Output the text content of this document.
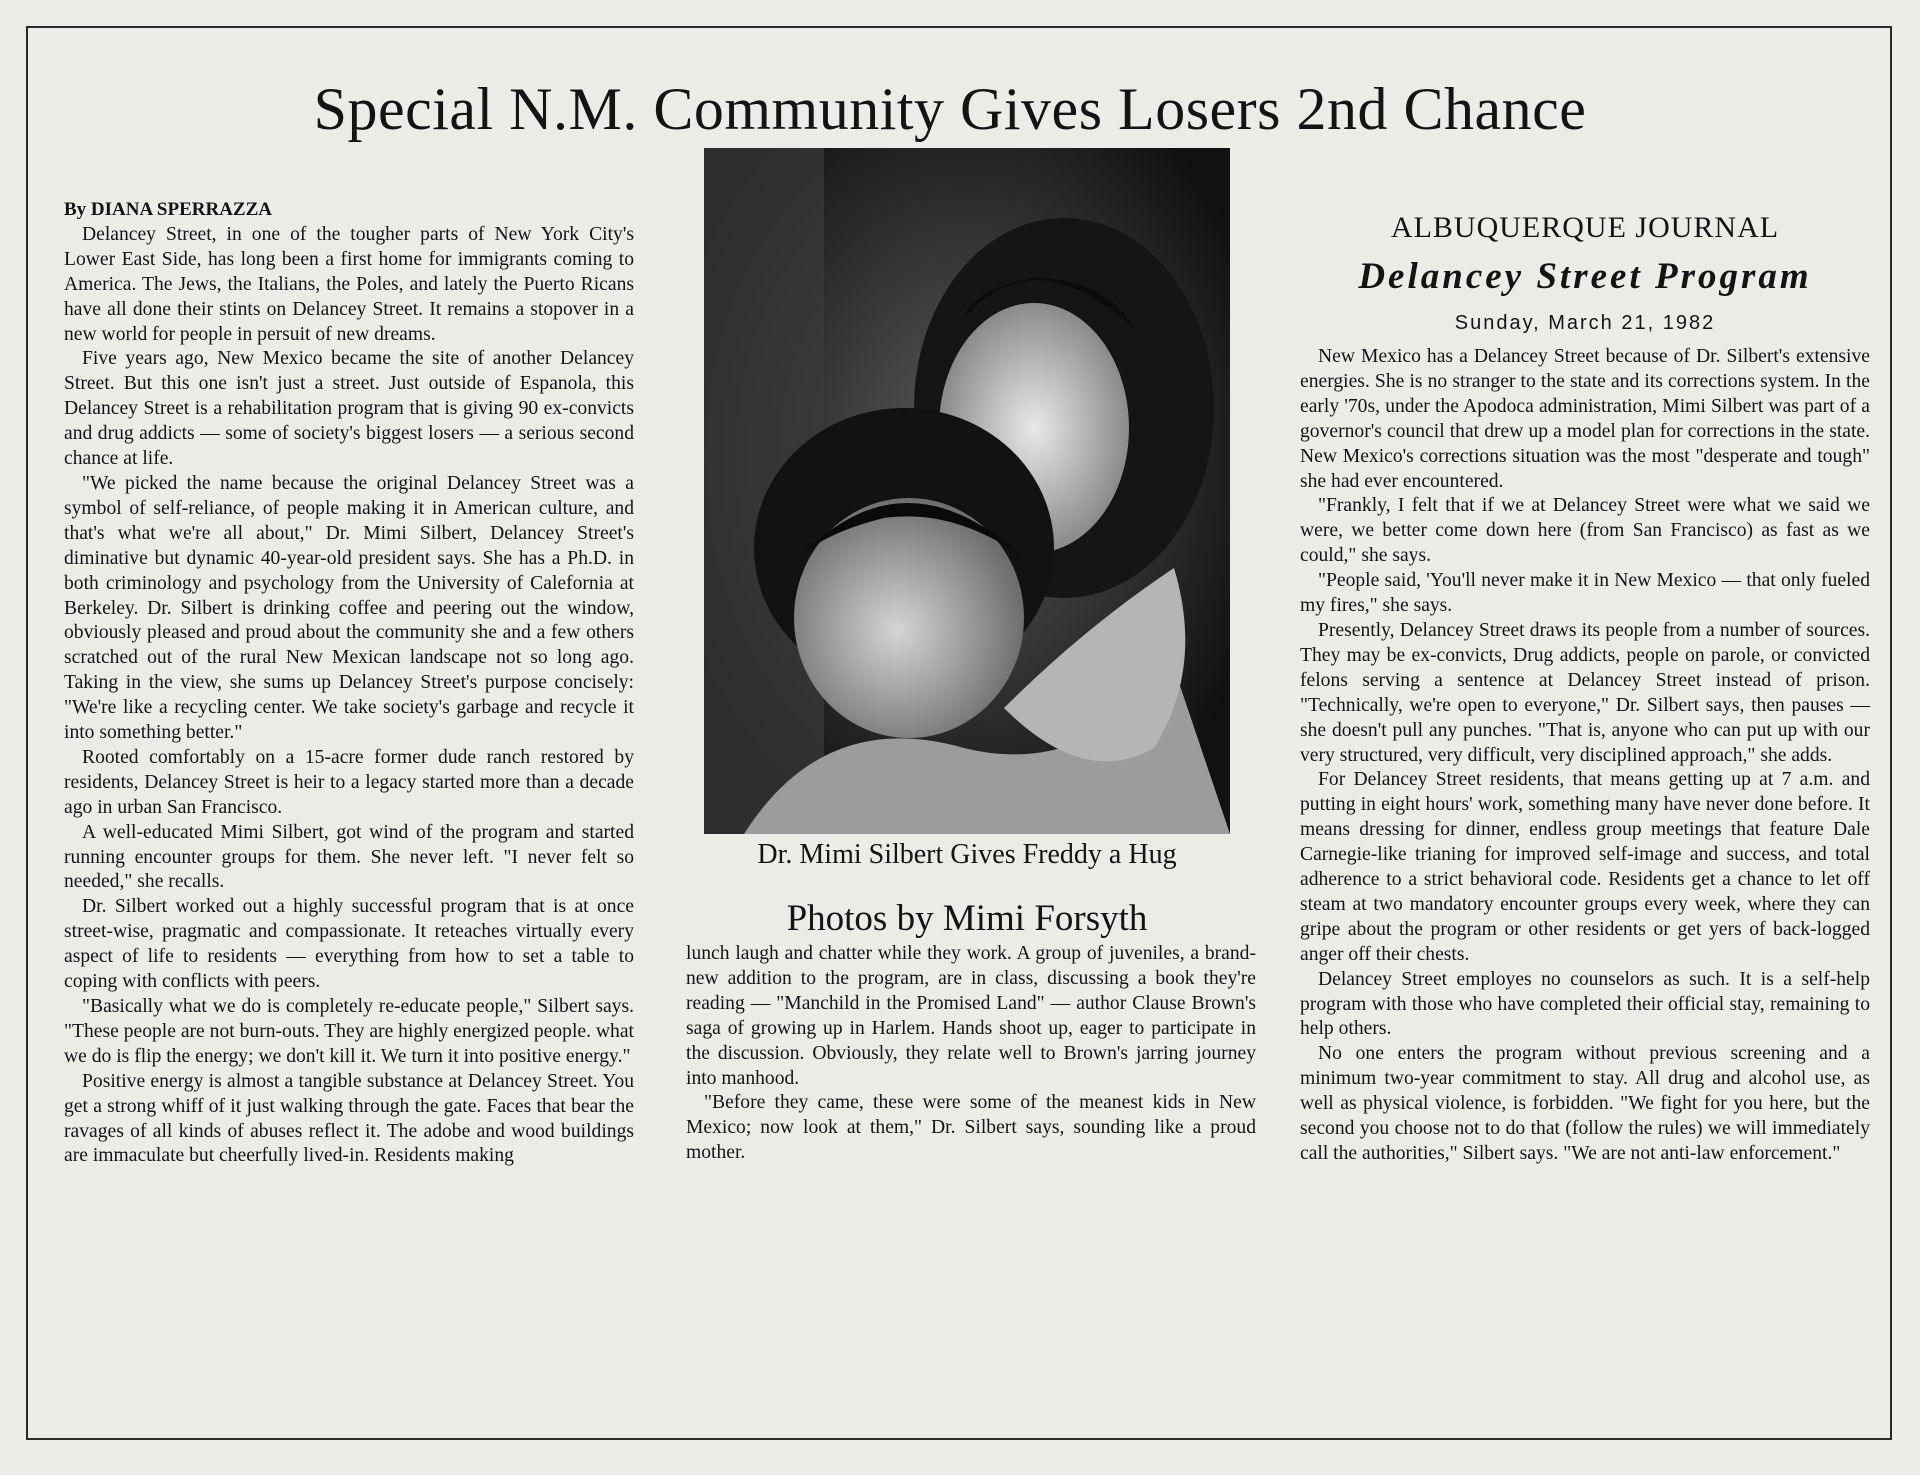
Special N.M. Community Gives Losers 2nd Chance

By DIANA SPERRAZZA

Delancey Street, in one of the tougher parts of New York City's Lower East Side, has long been a first home for immigrants coming to America. The Jews, the Italians, the Poles, and lately the Puerto Ricans have all done their stints on Delancey Street. It remains a stopover in a new world for people in persuit of new dreams.

Five years ago, New Mexico became the site of another Delancey Street. But this one isn't just a street. Just outside of Espanola, this Delancey Street is a rehabilitation program that is giving 90 ex-convicts and drug addicts — some of society's biggest losers — a serious second chance at life.

"We picked the name because the original Delancey Street was a symbol of self-reliance, of people making it in American culture, and that's what we're all about," Dr. Mimi Silbert, Delancey Street's diminative but dynamic 40-year-old president says. She has a Ph.D. in both criminology and psychology from the University of Calefornia at Berkeley. Dr. Silbert is drinking coffee and peering out the window, obviously pleased and proud about the community she and a few others scratched out of the rural New Mexican landscape not so long ago. Taking in the view, she sums up Delancey Street's purpose concisely: "We're like a recycling center. We take society's garbage and recycle it into something better."

Rooted comfortably on a 15-acre former dude ranch restored by residents, Delancey Street is heir to a legacy started more than a decade ago in urban San Francisco.

A well-educated Mimi Silbert, got wind of the program and started running encounter groups for them. She never left. "I never felt so needed," she recalls.

Dr. Silbert worked out a highly successful program that is at once street-wise, pragmatic and compassionate. It reteaches virtually every aspect of life to residents — everything from how to set a table to coping with conflicts with peers.

"Basically what we do is completely re-educate people," Silbert says. "These people are not burn-outs. They are highly energized people. what we do is flip the energy; we don't kill it. We turn it into positive energy."

Positive energy is almost a tangible substance at Delancey Street. You get a strong whiff of it just walking through the gate. Faces that bear the ravages of all kinds of abuses reflect it. The adobe and wood buildings are immaculate but cheerfully lived-in. Residents making

Dr. Mimi Silbert Gives Freddy a Hug

Photos by Mimi Forsyth

lunch laugh and chatter while they work. A group of juveniles, a brand-new addition to the program, are in class, discussing a book they're reading — "Manchild in the Promised Land" — author Clause Brown's saga of growing up in Harlem. Hands shoot up, eager to participate in the discussion. Obviously, they relate well to Brown's jarring journey into manhood.

"Before they came, these were some of the meanest kids in New Mexico; now look at them," Dr. Silbert says, sounding like a proud mother.

ALBUQUERQUE JOURNAL

Delancey Street Program

Sunday, March 21, 1982

New Mexico has a Delancey Street because of Dr. Silbert's extensive energies. She is no stranger to the state and its corrections system. In the early '70s, under the Apodoca administration, Mimi Silbert was part of a governor's council that drew up a model plan for corrections in the state. New Mexico's corrections situation was the most "desperate and tough" she had ever encountered.

"Frankly, I felt that if we at Delancey Street were what we said we were, we better come down here (from San Francisco) as fast as we could," she says.

"People said, 'You'll never make it in New Mexico — that only fueled my fires," she says.

Presently, Delancey Street draws its people from a number of sources. They may be ex-convicts, Drug addicts, people on parole, or convicted felons serving a sentence at Delancey Street instead of prison. "Technically, we're open to everyone," Dr. Silbert says, then pauses — she doesn't pull any punches. "That is, anyone who can put up with our very structured, very difficult, very disciplined approach," she adds.

For Delancey Street residents, that means getting up at 7 a.m. and putting in eight hours' work, something many have never done before. It means dressing for dinner, endless group meetings that feature Dale Carnegie-like trianing for improved self-image and success, and total adherence to a strict behavioral code. Residents get a chance to let off steam at two mandatory encounter groups every week, where they can gripe about the program or other residents or get yers of back-logged anger off their chests.

Delancey Street employes no counselors as such. It is a self-help program with those who have completed their official stay, remaining to help others.

No one enters the program without previous screening and a minimum two-year commitment to stay. All drug and alcohol use, as well as physical violence, is forbidden. "We fight for you here, but the second you choose not to do that (follow the rules) we will immediately call the authorities," Silbert says. "We are not anti-law enforcement."
